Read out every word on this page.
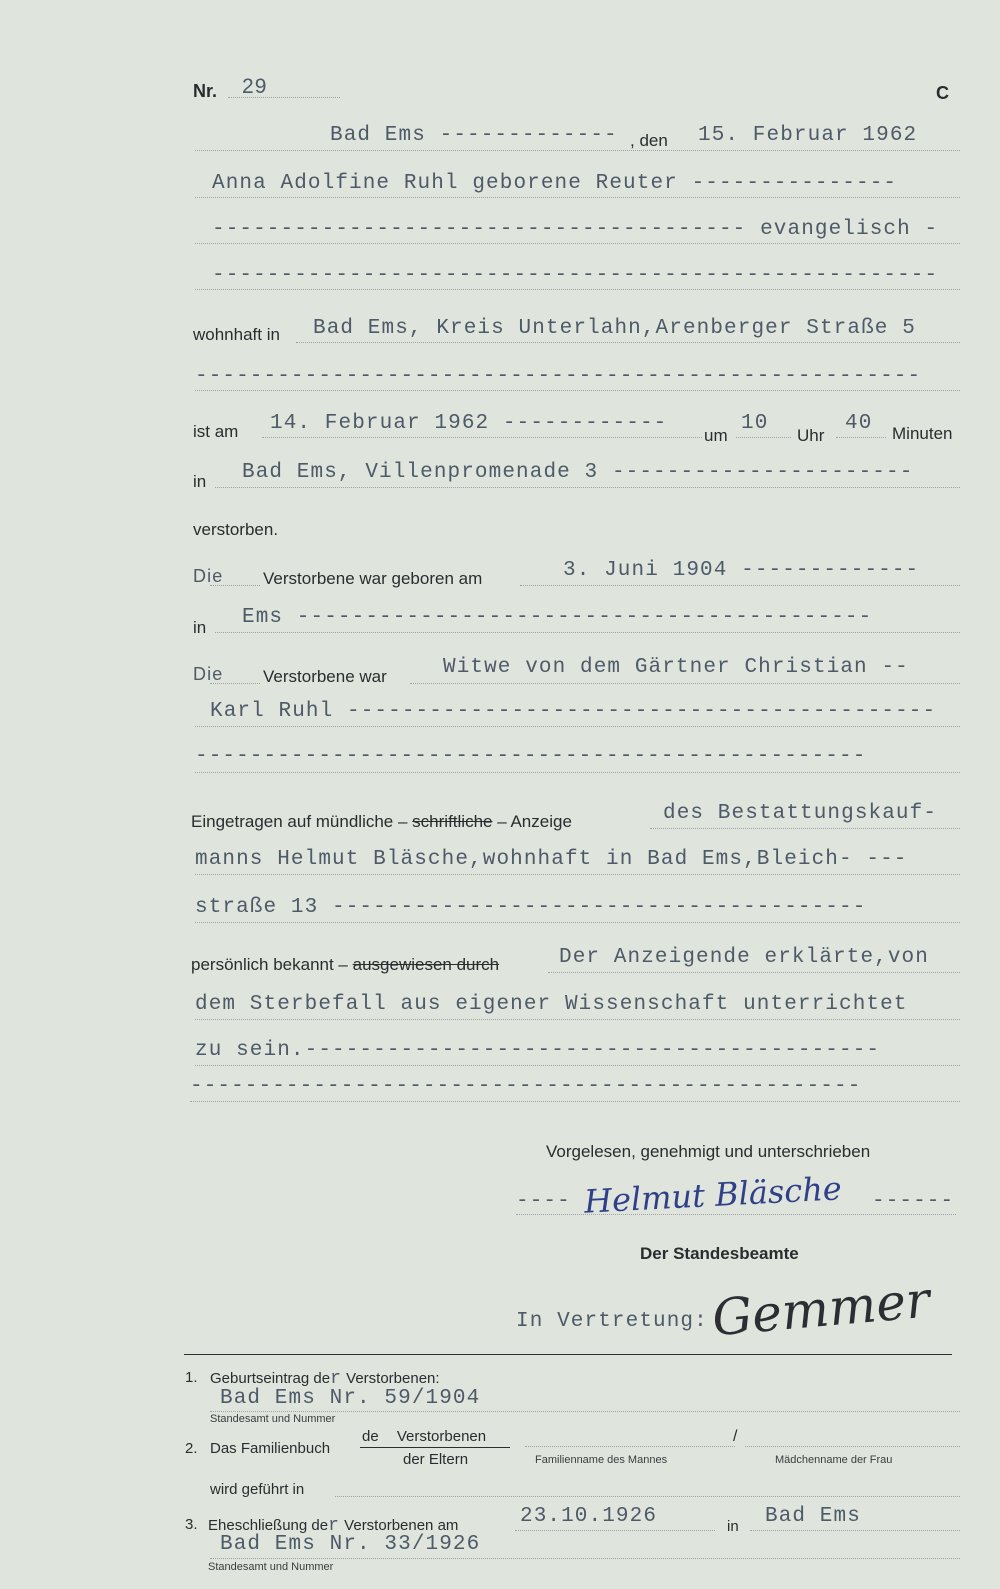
Nr. 29	C
Bad Ems ------------- , den 15. Februar 1962
Anna Adolfine Ruhl geborene Reuter ---------------
--------------------------------------- evangelisch -
-----------------------------------------------------
wohnhaft in Bad Ems, Kreis Unterlahn,Arenberger Straße 5
-----------------------------------------------------
ist am 14. Februar 1962 ------------
um
10
Uhr
40 Minuten
in Bad Ems, Villenpromenade 3 ----------------------
verstorben.
Die Verstorbene war geboren am	3. Juni 1904 -------------
in Ems ------------------------------------------
Die Verstorbene war	Witwe von dem Gärtner Christian --
Karl Ruhl -------------------------------------------
-------------------------------------------------
Eingetragen auf mündliche – schriftliche – Anzeige	des Bestattungskauf-
manns Helmut Bläsche,wohnhaft in Bad Ems,Bleich- ---
straße 13 ---------------------------------------
persönlich bekannt – ausgewiesen durch	Der Anzeigende erklärte,von
dem Sterbefall aus eigener Wissenschaft unterrichtet
zu sein.------------------------------------------
-------------------------------------------------
Vorgelesen, genehmigt und unterschrieben
---- Helmut Bläsche ------
Der Standesbeamte
In Vertretung: Gemmer
1. Geburtseintrag der Verstorbenen:
Bad Ems Nr. 59/1904
Standesamt und Nummer
2. Das Familienbuch
de Verstorbenen
der Eltern
/
Familienname des Mannes	Mädchenname der Frau
wird geführt in
3. Eheschließung der Verstorbenen am	23.10.1926	in Bad Ems
Bad Ems Nr. 33/1926
Standesamt und Nummer
